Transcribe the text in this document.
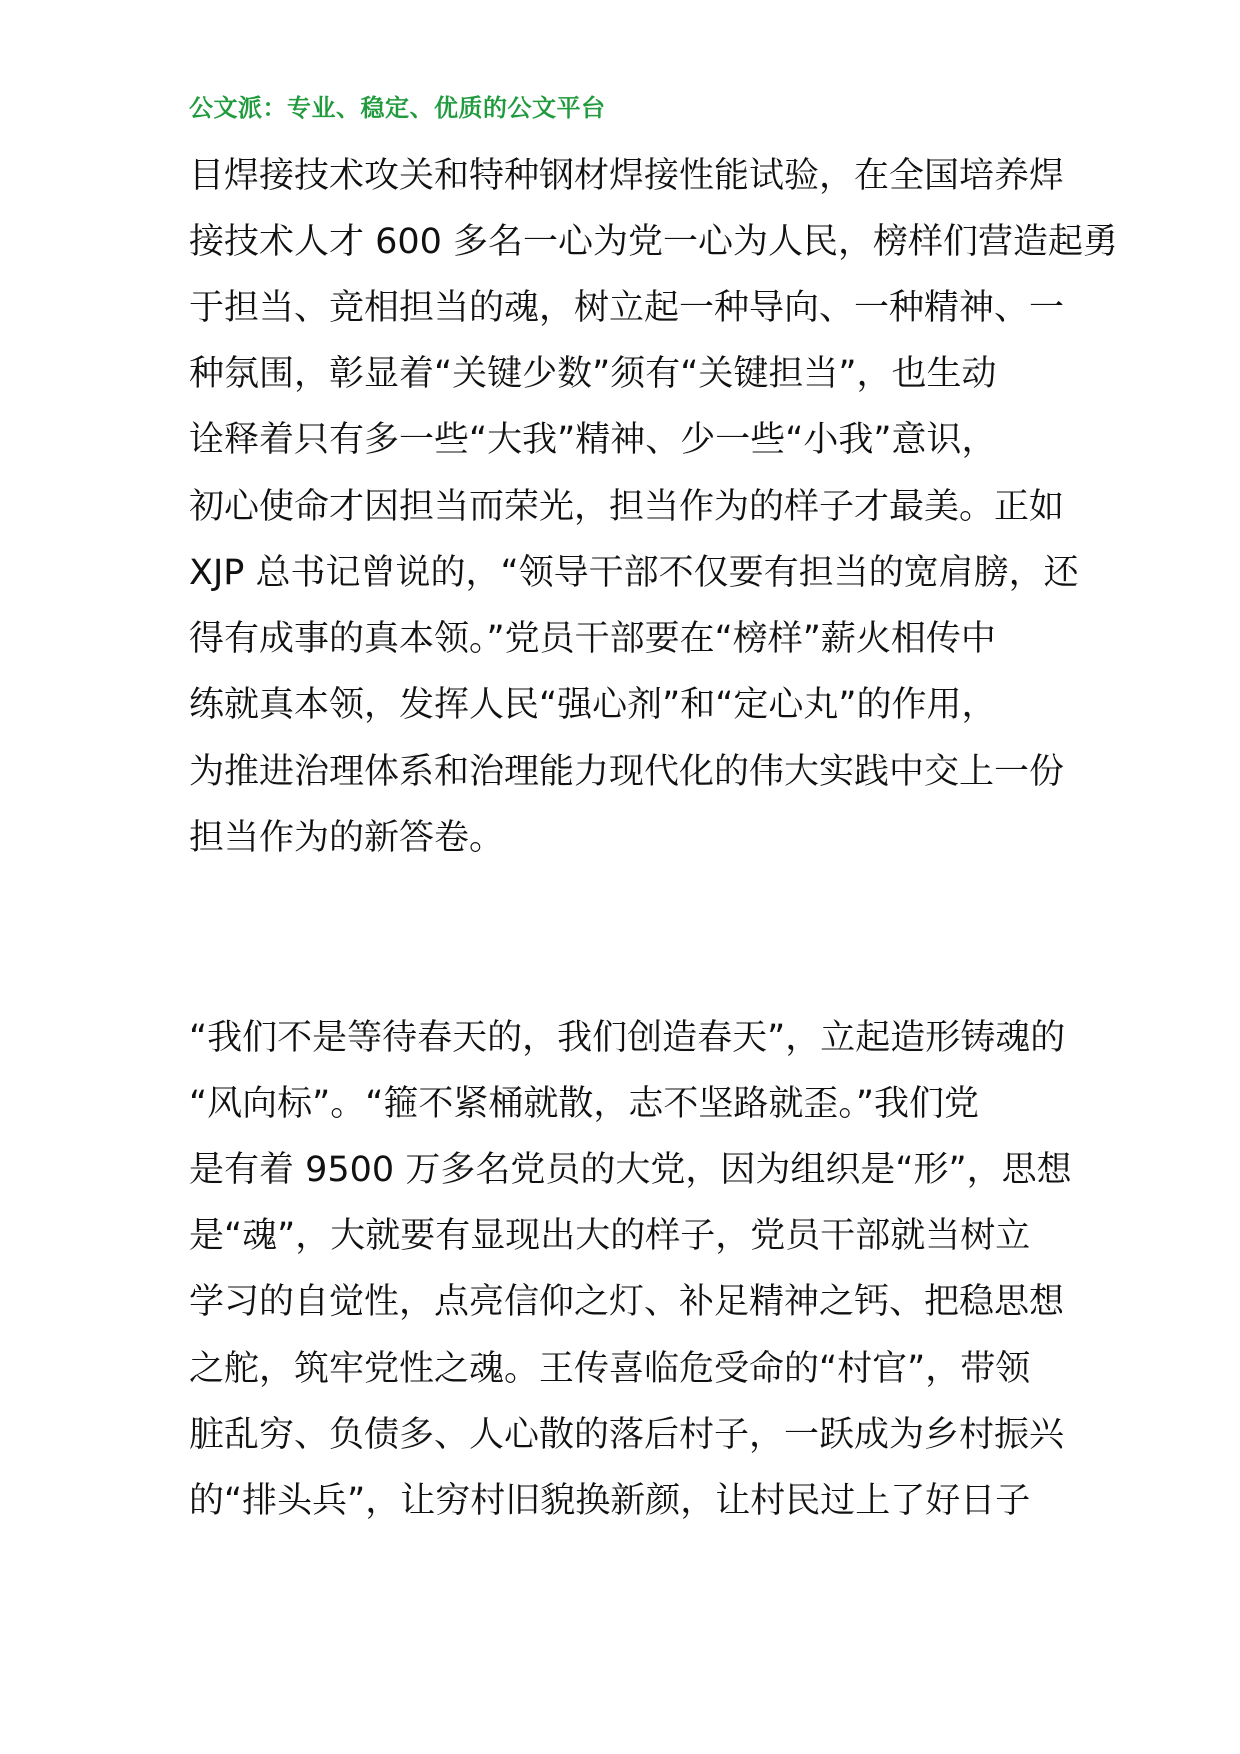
公文派：专业、稳定、优质的公文平台
目焊接技术攻关和特种钢材焊接性能试验，在全国培养焊
接技术人才 600 多名一心为党一心为人民，榜样们营造起勇
于担当、竞相担当的魂，树立起一种导向、一种精神、一
种氛围，彰显着“关键少数”须有“关键担当”，也生动
诠释着只有多一些“大我”精神、少一些“小我”意识，
初心使命才因担当而荣光，担当作为的样子才最美。正如
XJP 总书记曾说的，“领导干部不仅要有担当的宽肩膀，还
得有成事的真本领。”党员干部要在“榜样”薪火相传中
练就真本领，发挥人民“强心剂”和“定心丸”的作用，
为推进治理体系和治理能力现代化的伟大实践中交上一份
担当作为的新答卷。
“我们不是等待春天的，我们创造春天”，立起造形铸魂的
“风向标”。“箍不紧桶就散，志不坚路就歪。”我们党
是有着 9500 万多名党员的大党，因为组织是“形”，思想
是“魂”，大就要有显现出大的样子，党员干部就当树立
学习的自觉性，点亮信仰之灯、补足精神之钙、把稳思想
之舵，筑牢党性之魂。王传喜临危受命的“村官”，带领
脏乱穷、负债多、人心散的落后村子，一跃成为乡村振兴
的“排头兵”，让穷村旧貌换新颜，让村民过上了好日子
